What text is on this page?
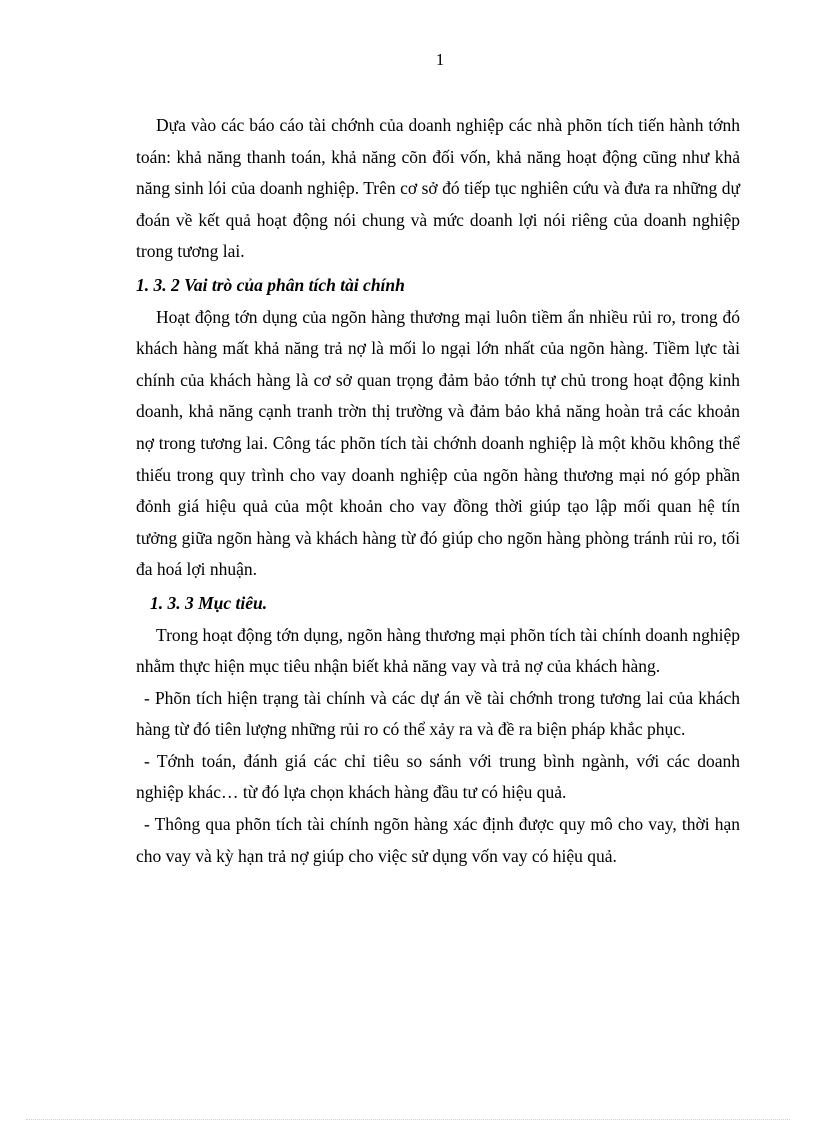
1

Dựa vào các báo cáo tài chớnh của doanh nghiệp các nhà phõn tích tiến hành tớnh toán: khả năng thanh toán, khả năng cõn đối vốn, khả năng hoạt động cũng như khả năng sinh lói của doanh nghiệp. Trên cơ sở đó tiếp tục nghiên cứu và đưa ra những dự đoán về kết quả hoạt động nói chung và mức doanh lợi nói riêng của doanh nghiệp trong tương lai.

1. 3. 2 Vai trò của phân tích tài chính

Hoạt động tớn dụng của ngõn hàng thương mại luôn tiềm ẩn nhiều rủi ro, trong đó khách hàng mất khả năng trả nợ là mối lo ngại lớn nhất của ngõn hàng. Tiềm lực tài chính của khách hàng là cơ sở quan trọng đảm bảo tớnh tự chủ trong hoạt động kinh doanh, khả năng cạnh tranh trờn thị trường và đảm bảo khả năng hoàn trả các khoản nợ trong tương lai. Công tác phõn tích tài chớnh doanh nghiệp là một khõu không thể thiếu trong quy trình cho vay doanh nghiệp của ngõn hàng thương mại nó góp phần đỏnh giá hiệu quả của một khoản cho vay đồng thời giúp tạo lập mối quan hệ tín tưởng giữa ngõn hàng và khách hàng từ đó giúp cho ngõn hàng phòng tránh rủi ro, tối đa hoá lợi nhuận.

1. 3. 3 Mục tiêu.

Trong hoạt động tớn dụng, ngõn hàng thương mại phõn tích tài chính doanh nghiệp nhằm thực hiện mục tiêu nhận biết khả năng vay và trả nợ của khách hàng.

- Phõn tích hiện trạng tài chính và các dự án về tài chớnh trong tương lai của khách hàng từ đó tiên lượng những rủi ro có thể xảy ra và đề ra biện pháp khắc phục.

- Tớnh toán, đánh giá các chỉ tiêu so sánh với trung bình ngành, với các doanh nghiệp khác… từ đó lựa chọn khách hàng đầu tư có hiệu quả.

- Thông qua phõn tích tài chính ngõn hàng xác định được quy mô cho vay, thời hạn cho vay và kỳ hạn trả nợ giúp cho việc sử dụng vốn vay có hiệu quả.
